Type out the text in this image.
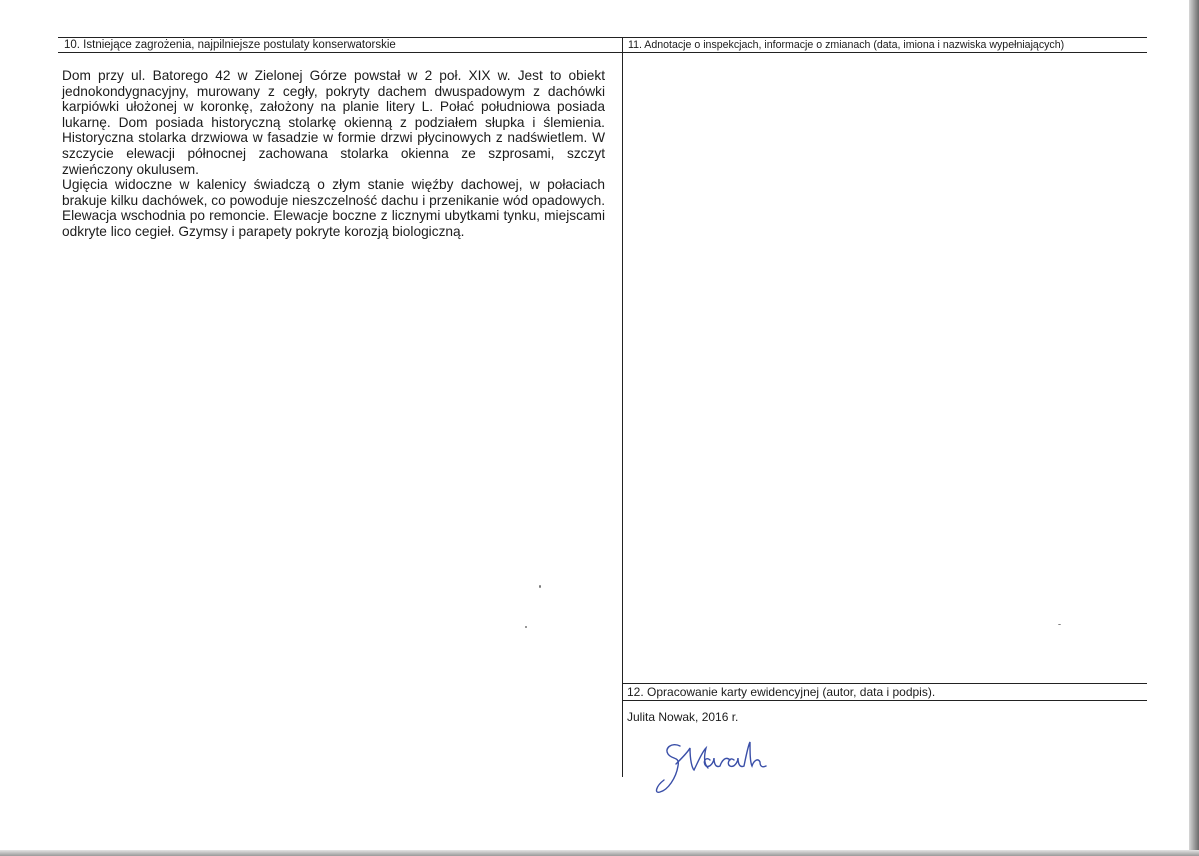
10. Istniejące zagrożenia, najpilniejsze postulaty konserwatorskie

Dom przy ul. Batorego 42 w Zielonej Górze powstał w 2 poł. XIX w. Jest to obiekt jednokondygnacyjny, murowany z cegły, pokryty dachem dwuspadowym z dachówki karpiówki ułożonej w koronkę, założony na planie litery L. Połać południowa posiada lukarnę. Dom posiada historyczną stolarkę okienną z podziałem słupka i ślemienia. Historyczna stolarka drzwiowa w fasadzie w formie drzwi płycinowych z nadświetlem. W szczycie elewacji północnej zachowana stolarka okienna ze szprosami, szczyt zwieńczony okulusem.

Ugięcia widoczne w kalenicy świadczą o złym stanie więźby dachowej, w połaciach brakuje kilku dachówek, co powoduje nieszczelność dachu i przenikanie wód opadowych. Elewacja wschodnia po remoncie. Elewacje boczne z licznymi ubytkami tynku, miejscami odkryte lico cegieł. Gzymsy i parapety pokryte korozją biologiczną.

11. Adnotacje o inspekcjach, informacje o zmianach (data, imiona i nazwiska wypełniających)
12. Opracowanie karty ewidencyjnej (autor, data i podpis).
Julita Nowak, 2016 r.
